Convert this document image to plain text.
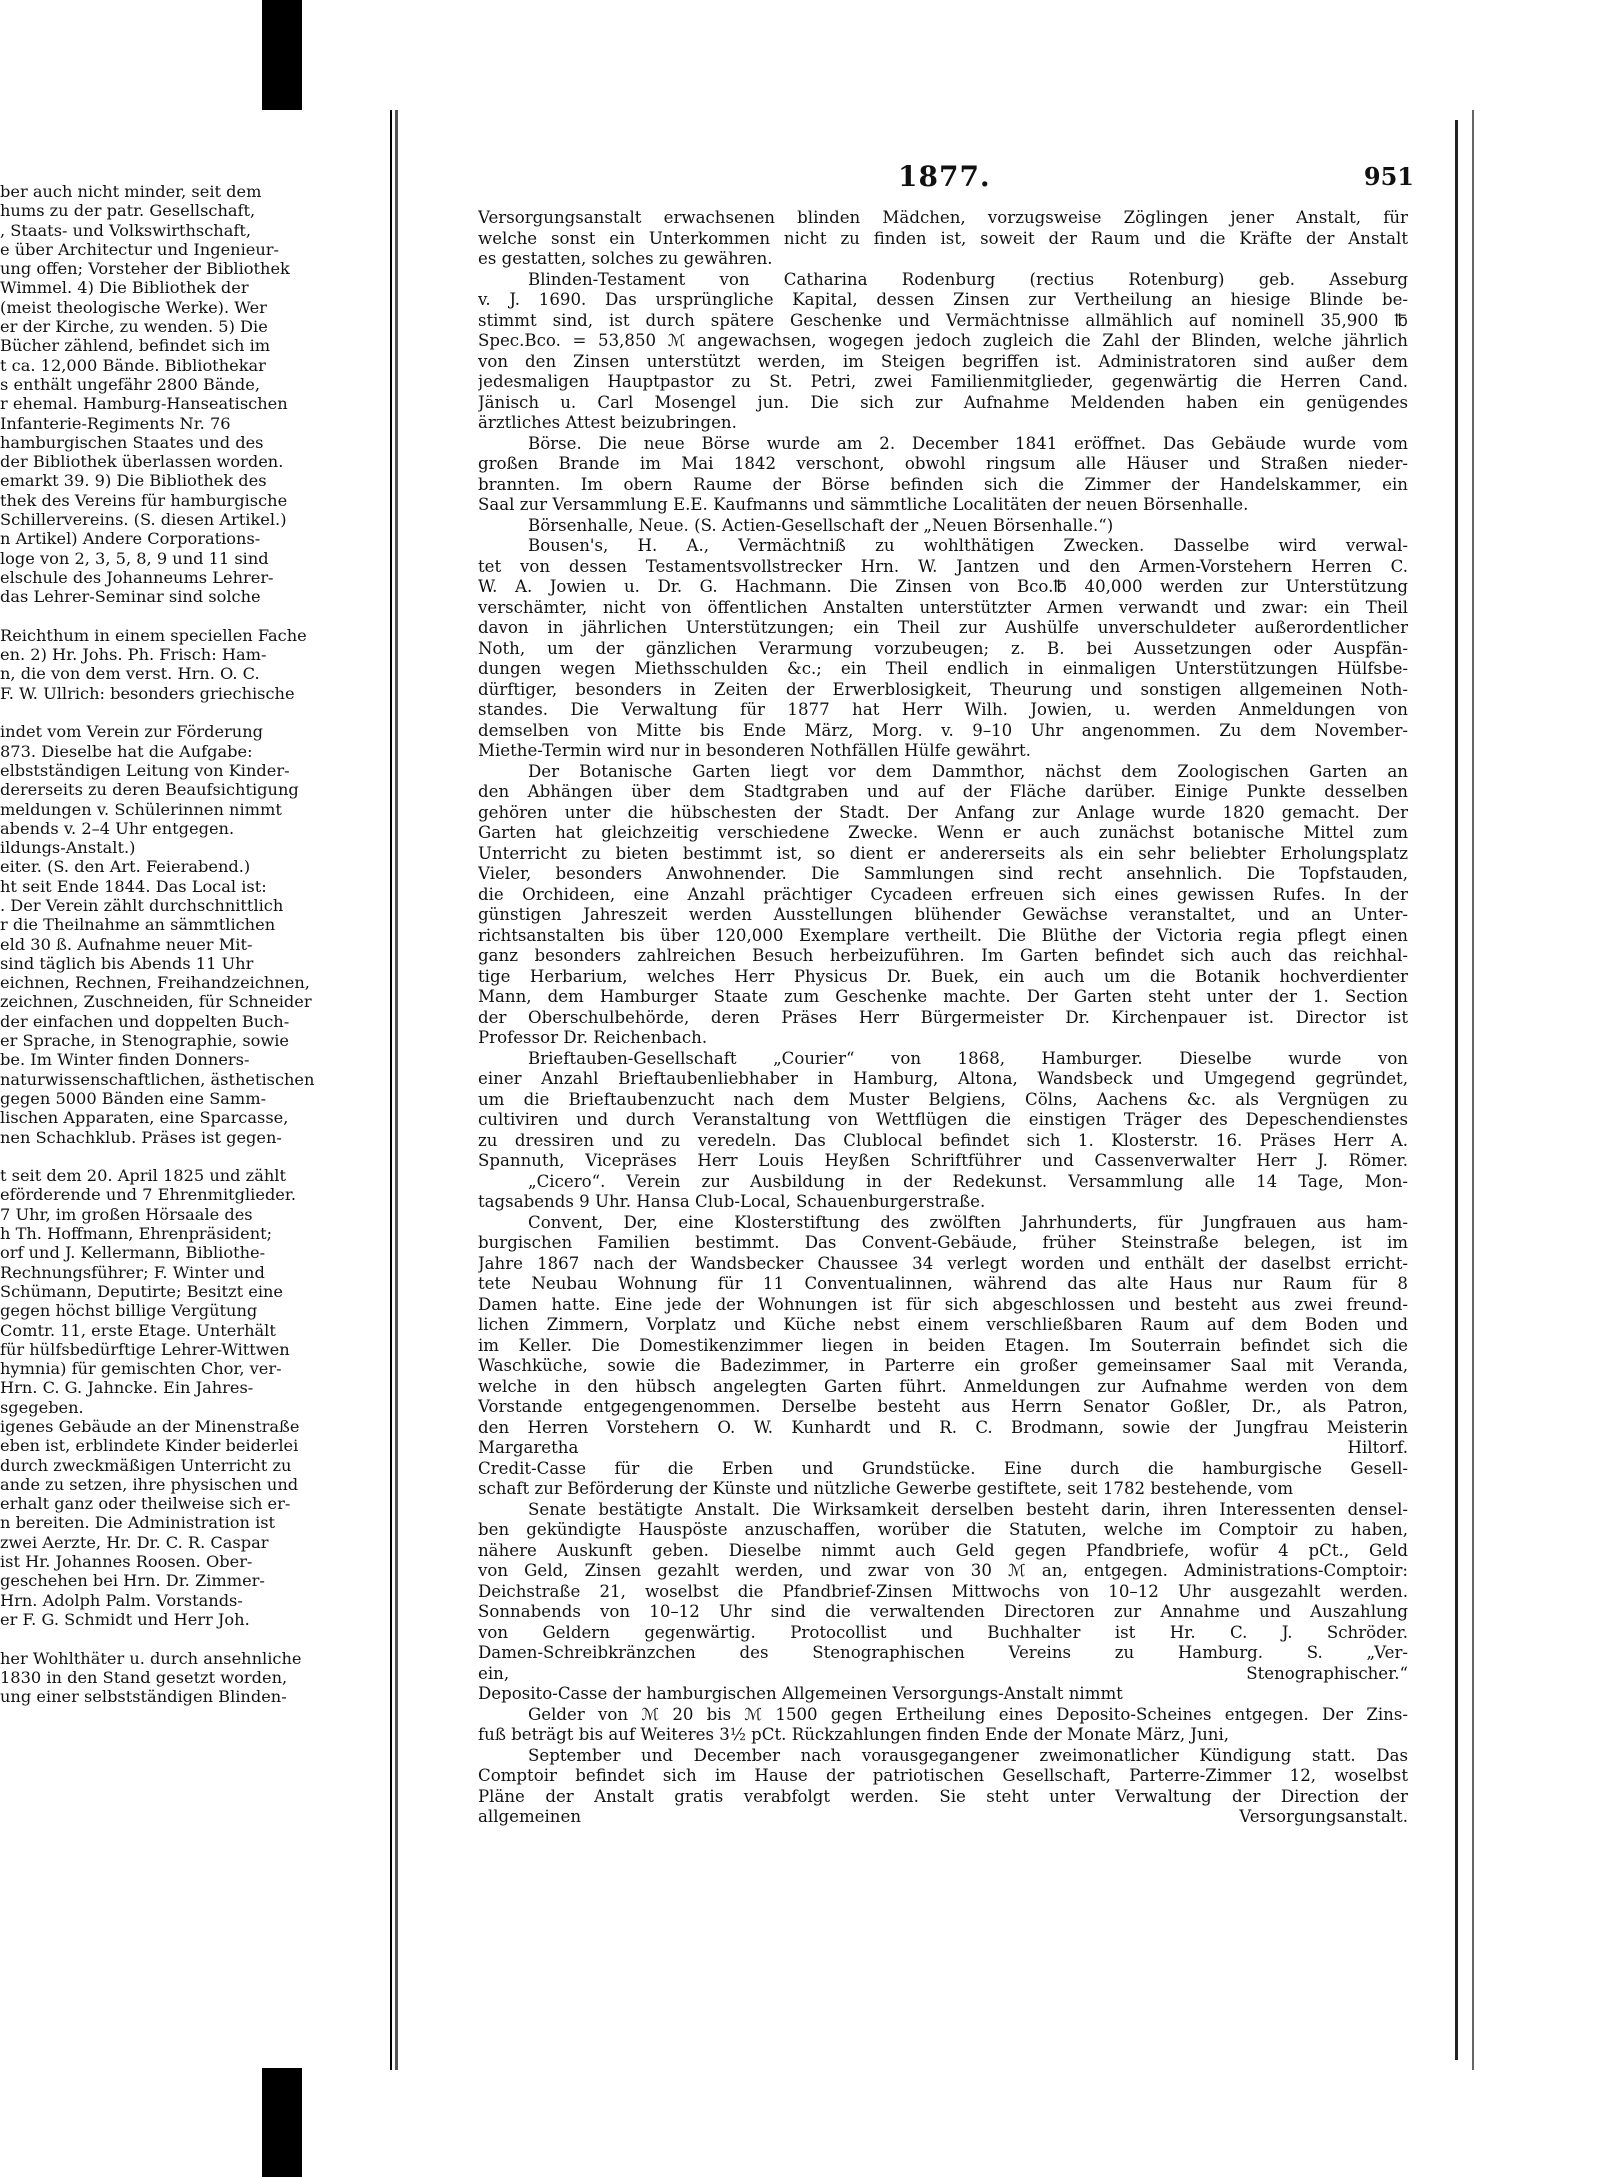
ber auch nicht minder, seit dem
hums zu der patr. Gesellschaft,
, Staats- und Volkswirthschaft,
e über Architectur und Ingenieur-
ung offen; Vorsteher der Bibliothek
Wimmel. 4) Die Bibliothek der
(meist theologische Werke). Wer
er der Kirche, zu wenden. 5) Die
Bücher zählend, befindet sich im
t ca. 12,000 Bände. Bibliothekar
s enthält ungefähr 2800 Bände,
r ehemal. Hamburg-Hanseatischen
Infanterie-Regiments Nr. 76
hamburgischen Staates und des
der Bibliothek überlassen worden.
emarkt 39. 9) Die Bibliothek des
thek des Vereins für hamburgische
Schillervereins. (S. diesen Artikel.)
n Artikel) Andere Corporations-
loge von 2, 3, 5, 8, 9 und 11 sind
elschule des Johanneums Lehrer-
das Lehrer-Seminar sind solche
Reichthum in einem speciellen Fache
en. 2) Hr. Johs. Ph. Frisch: Ham-
n, die von dem verst. Hrn. O. C.
F. W. Ullrich: besonders griechische
indet vom Verein zur Förderung
873. Dieselbe hat die Aufgabe:
elbstständigen Leitung von Kinder-
dererseits zu deren Beaufsichtigung
meldungen v. Schülerinnen nimmt
abends v. 2–4 Uhr entgegen.
ildungs-Anstalt.)
eiter. (S. den Art. Feierabend.)
ht seit Ende 1844. Das Local ist:
. Der Verein zählt durchschnittlich
r die Theilnahme an sämmtlichen
eld 30 ß. Aufnahme neuer Mit-
sind täglich bis Abends 11 Uhr
eichnen, Rechnen, Freihandzeichnen,
zeichnen, Zuschneiden, für Schneider
der einfachen und doppelten Buch-
er Sprache, in Stenographie, sowie
be. Im Winter finden Donners-
naturwissenschaftlichen, ästhetischen
gegen 5000 Bänden eine Samm-
lischen Apparaten, eine Sparcasse,
nen Schachklub. Präses ist gegen-
t seit dem 20. April 1825 und zählt
eförderende und 7 Ehrenmitglieder.
7 Uhr, im großen Hörsaale des
h Th. Hoffmann, Ehrenpräsident;
orf und J. Kellermann, Bibliothe-
Rechnungsführer; F. Winter und
Schümann, Deputirte; Besitzt eine
gegen höchst billige Vergütung
Comtr. 11, erste Etage. Unterhält
für hülfsbedürftige Lehrer-Wittwen
hymnia) für gemischten Chor, ver-
Hrn. C. G. Jahncke. Ein Jahres-
sgegeben.
igenes Gebäude an der Minenstraße
eben ist, erblindete Kinder beiderlei
durch zweckmäßigen Unterricht zu
ande zu setzen, ihre physischen und
erhalt ganz oder theilweise sich er-
n bereiten. Die Administration ist
zwei Aerzte, Hr. Dr. C. R. Caspar
ist Hr. Johannes Roosen. Ober-
geschehen bei Hrn. Dr. Zimmer-
Hrn. Adolph Palm. Vorstands-
er F. G. Schmidt und Herr Joh.
her Wohlthäter u. durch ansehnliche
1830 in den Stand gesetzt worden,
ung einer selbstständigen Blinden-
1877.	951
Versorgungsanstalt erwachsenen blinden Mädchen, vorzugsweise Zöglingen jener Anstalt, für
welche sonst ein Unterkommen nicht zu finden ist, soweit der Raum und die Kräfte der Anstalt
es gestatten, solches zu gewähren.
Blinden-Testament von Catharina Rodenburg (rectius Rotenburg) geb. Asseburg
v. J. 1690. Das ursprüngliche Kapital, dessen Zinsen zur Vertheilung an hiesige Blinde be-
stimmt sind, ist durch spätere Geschenke und Vermächtnisse allmählich auf nominell 35,900 ℔
Spec.Bco. = 53,850 ℳ angewachsen, wogegen jedoch zugleich die Zahl der Blinden, welche jährlich
von den Zinsen unterstützt werden, im Steigen begriffen ist. Administratoren sind außer dem
jedesmaligen Hauptpastor zu St. Petri, zwei Familienmitglieder, gegenwärtig die Herren Cand.
Jänisch u. Carl Mosengel jun. Die sich zur Aufnahme Meldenden haben ein genügendes
ärztliches Attest beizubringen.
Börse. Die neue Börse wurde am 2. December 1841 eröffnet. Das Gebäude wurde vom
großen Brande im Mai 1842 verschont, obwohl ringsum alle Häuser und Straßen nieder-
brannten. Im obern Raume der Börse befinden sich die Zimmer der Handelskammer, ein
Saal zur Versammlung E.E. Kaufmanns und sämmtliche Localitäten der neuen Börsenhalle.
Börsenhalle, Neue. (S. Actien-Gesellschaft der „Neuen Börsenhalle.“)
Bousen's, H. A., Vermächtniß zu wohlthätigen Zwecken. Dasselbe wird verwal-
tet von dessen Testamentsvollstrecker Hrn. W. Jantzen und den Armen-Vorstehern Herren C.
W. A. Jowien u. Dr. G. Hachmann. Die Zinsen von Bco.℔ 40,000 werden zur Unterstützung
verschämter, nicht von öffentlichen Anstalten unterstützter Armen verwandt und zwar: ein Theil
davon in jährlichen Unterstützungen; ein Theil zur Aushülfe unverschuldeter außerordentlicher
Noth, um der gänzlichen Verarmung vorzubeugen; z. B. bei Aussetzungen oder Auspfän-
dungen wegen Miethsschulden &c.; ein Theil endlich in einmaligen Unterstützungen Hülfsbe-
dürftiger, besonders in Zeiten der Erwerblosigkeit, Theurung und sonstigen allgemeinen Noth-
standes. Die Verwaltung für 1877 hat Herr Wilh. Jowien, u. werden Anmeldungen von
demselben von Mitte bis Ende März, Morg. v. 9–10 Uhr angenommen. Zu dem November-
Miethe-Termin wird nur in besonderen Nothfällen Hülfe gewährt.
Der Botanische Garten liegt vor dem Dammthor, nächst dem Zoologischen Garten an
den Abhängen über dem Stadtgraben und auf der Fläche darüber. Einige Punkte desselben
gehören unter die hübschesten der Stadt. Der Anfang zur Anlage wurde 1820 gemacht. Der
Garten hat gleichzeitig verschiedene Zwecke. Wenn er auch zunächst botanische Mittel zum
Unterricht zu bieten bestimmt ist, so dient er andererseits als ein sehr beliebter Erholungsplatz
Vieler, besonders Anwohnender. Die Sammlungen sind recht ansehnlich. Die Topfstauden,
die Orchideen, eine Anzahl prächtiger Cycadeen erfreuen sich eines gewissen Rufes. In der
günstigen Jahreszeit werden Ausstellungen blühender Gewächse veranstaltet, und an Unter-
richtsanstalten bis über 120,000 Exemplare vertheilt. Die Blüthe der Victoria regia pflegt einen
ganz besonders zahlreichen Besuch herbeizuführen. Im Garten befindet sich auch das reichhal-
tige Herbarium, welches Herr Physicus Dr. Buek, ein auch um die Botanik hochverdienter
Mann, dem Hamburger Staate zum Geschenke machte. Der Garten steht unter der 1. Section
der Oberschulbehörde, deren Präses Herr Bürgermeister Dr. Kirchenpauer ist. Director ist
Professor Dr. Reichenbach.
Brieftauben-Gesellschaft „Courier“ von 1868, Hamburger. Dieselbe wurde von
einer Anzahl Brieftaubenliebhaber in Hamburg, Altona, Wandsbeck und Umgegend gegründet,
um die Brieftaubenzucht nach dem Muster Belgiens, Cölns, Aachens &c. als Vergnügen zu
cultiviren und durch Veranstaltung von Wettflügen die einstigen Träger des Depeschendienstes
zu dressiren und zu veredeln. Das Clublocal befindet sich 1. Klosterstr. 16. Präses Herr A.
Spannuth, Vicepräses Herr Louis Heyßen Schriftführer und Cassenverwalter Herr J. Römer.
„Cicero“. Verein zur Ausbildung in der Redekunst. Versammlung alle 14 Tage, Mon-
tagsabends 9 Uhr. Hansa Club-Local, Schauenburgerstraße.
Convent, Der, eine Klosterstiftung des zwölften Jahrhunderts, für Jungfrauen aus ham-
burgischen Familien bestimmt. Das Convent-Gebäude, früher Steinstraße belegen, ist im
Jahre 1867 nach der Wandsbecker Chaussee 34 verlegt worden und enthält der daselbst erricht-
tete Neubau Wohnung für 11 Conventualinnen, während das alte Haus nur Raum für 8
Damen hatte. Eine jede der Wohnungen ist für sich abgeschlossen und besteht aus zwei freund-
lichen Zimmern, Vorplatz und Küche nebst einem verschließbaren Raum auf dem Boden und
im Keller. Die Domestikenzimmer liegen in beiden Etagen. Im Souterrain befindet sich die
Waschküche, sowie die Badezimmer, in Parterre ein großer gemeinsamer Saal mit Veranda,
welche in den hübsch angelegten Garten führt. Anmeldungen zur Aufnahme werden von dem
Vorstande entgegengenommen. Derselbe besteht aus Herrn Senator Goßler, Dr., als Patron,
den Herren Vorstehern O. W. Kunhardt und R. C. Brodmann, sowie der Jungfrau Meisterin
Margaretha Hiltorf.
Credit-Casse für die Erben und Grundstücke. Eine durch die hamburgische Gesell-
schaft zur Beförderung der Künste und nützliche Gewerbe gestiftete, seit 1782 bestehende, vom
Senate bestätigte Anstalt. Die Wirksamkeit derselben besteht darin, ihren Interessenten densel-
ben gekündigte Hauspöste anzuschaffen, worüber die Statuten, welche im Comptoir zu haben,
nähere Auskunft geben. Dieselbe nimmt auch Geld gegen Pfandbriefe, wofür 4 pCt., Geld
von Geld, Zinsen gezahlt werden, und zwar von 30 ℳ an, entgegen. Administrations-Comptoir:
Deichstraße 21, woselbst die Pfandbrief-Zinsen Mittwochs von 10–12 Uhr ausgezahlt werden.
Sonnabends von 10–12 Uhr sind die verwaltenden Directoren zur Annahme und Auszahlung
von Geldern gegenwärtig. Protocollist und Buchhalter ist Hr. C. J. Schröder.
Damen-Schreibkränzchen des Stenographischen Vereins zu Hamburg. S. „Ver-
ein, Stenographischer.“
Deposito-Casse der hamburgischen Allgemeinen Versorgungs-Anstalt nimmt
Gelder von ℳ 20 bis ℳ 1500 gegen Ertheilung eines Deposito-Scheines entgegen. Der Zins-
fuß beträgt bis auf Weiteres 3½ pCt. Rückzahlungen finden Ende der Monate März, Juni,
September und December nach vorausgegangener zweimonatlicher Kündigung statt. Das
Comptoir befindet sich im Hause der patriotischen Gesellschaft, Parterre-Zimmer 12, woselbst
Pläne der Anstalt gratis verabfolgt werden. Sie steht unter Verwaltung der Direction der
allgemeinen Versorgungsanstalt.
